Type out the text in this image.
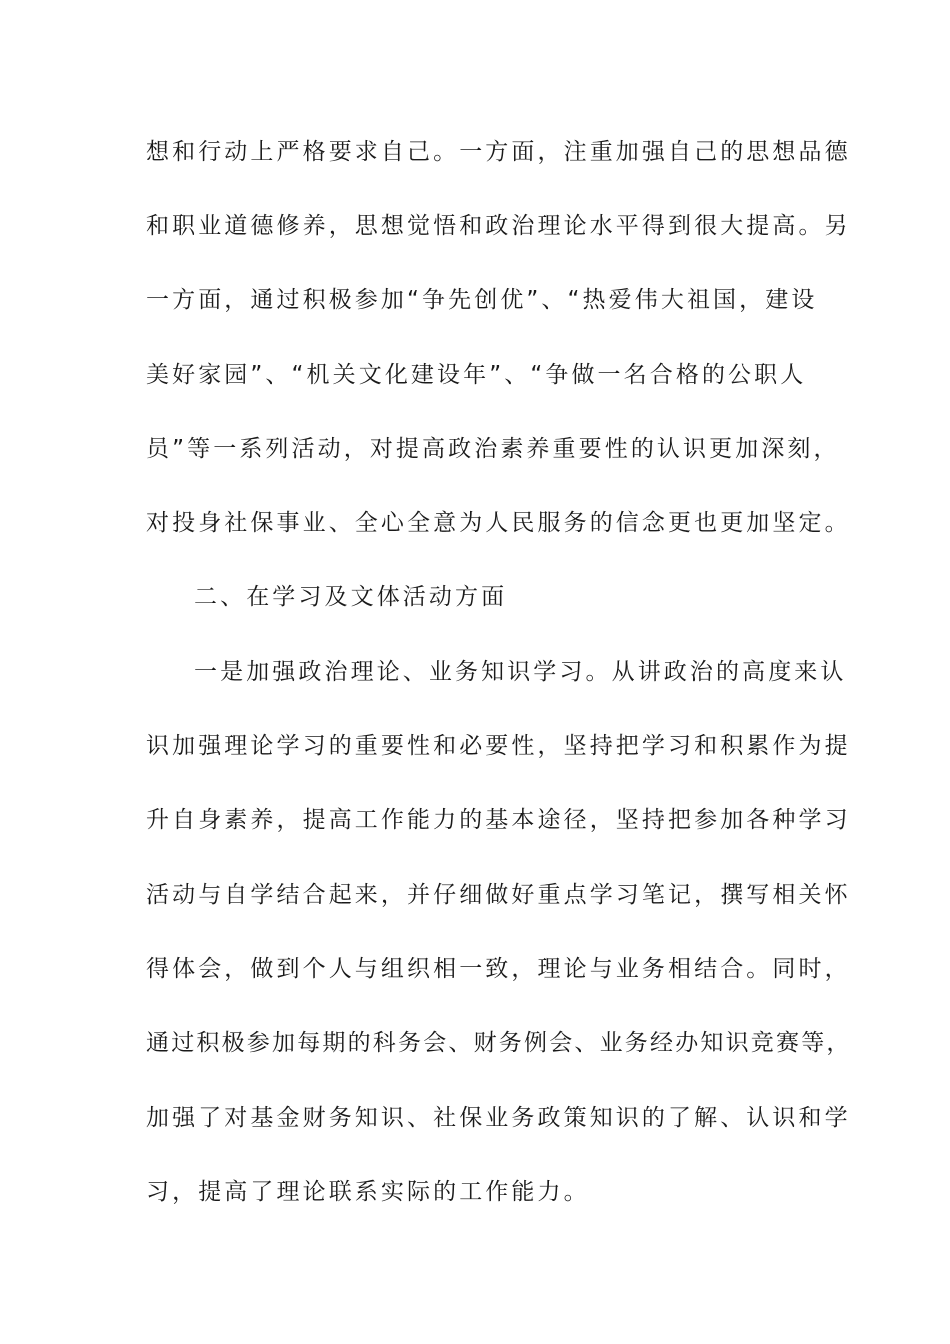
想和行动上严格要求自己。一方面，注重加强自己的思想品德
和职业道德修养，思想觉悟和政治理论水平得到很大提高。另
一方面，通过积极参加“争先创优”、“热爱伟大祖国，建设
美好家园”、“机关文化建设年”、“争做一名合格的公职人
员”等一系列活动，对提高政治素养重要性的认识更加深刻，
对投身社保事业、全心全意为人民服务的信念更也更加坚定。
二、在学习及文体活动方面
一是加强政治理论、业务知识学习。从讲政治的高度来认
识加强理论学习的重要性和必要性，坚持把学习和积累作为提
升自身素养，提高工作能力的基本途径，坚持把参加各种学习
活动与自学结合起来，并仔细做好重点学习笔记，撰写相关怀
得体会，做到个人与组织相一致，理论与业务相结合。同时，
通过积极参加每期的科务会、财务例会、业务经办知识竞赛等，
加强了对基金财务知识、社保业务政策知识的了解、认识和学
习，提高了理论联系实际的工作能力。
